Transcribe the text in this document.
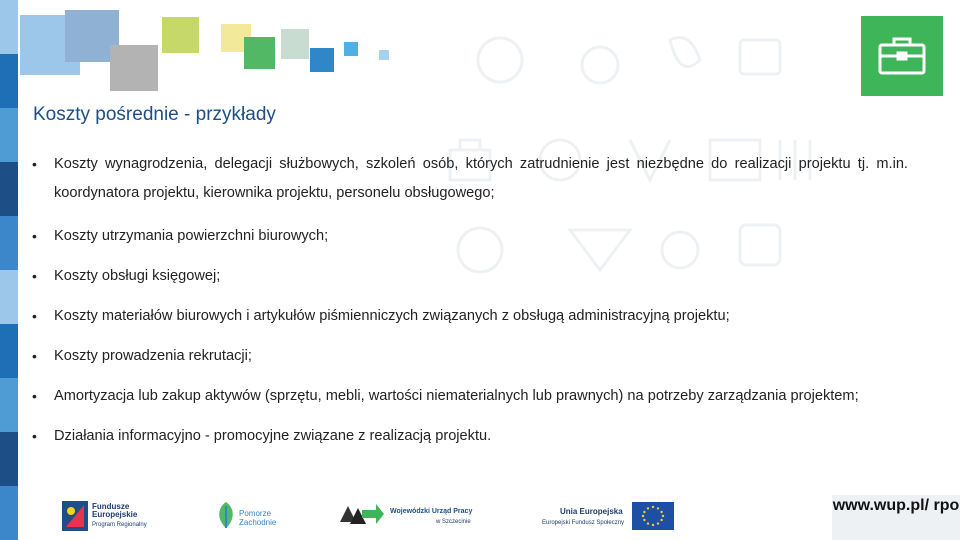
Koszty pośrednie - przykłady
• Koszty wynagrodzenia, delegacji służbowych, szkoleń osób, których zatrudnienie jest niezbędne do realizacji projektu tj. m.in. koordynatora projektu, kierownika projektu, personelu obsługowego;
• Koszty utrzymania powierzchni biurowych;
• Koszty obsługi księgowej;
• Koszty materiałów biurowych i artykułów piśmienniczych związanych z obsługą administracyjną projektu;
• Koszty prowadzenia rekrutacji;
• Amortyzacja lub zakup aktywów (sprzętu, mebli, wartości niematerialnych lub prawnych) na potrzeby zarządzania projektem;
• Działania informacyjno - promocyjne związane z realizacją projektu.
Fundusze
Europejskie
Program Regionalny
Pomorze
Zachodnie
Wojewódzki Urząd Pracy
w Szczecinie
Unia Europejska
Europejski Fundusz Społeczny
www.wup.pl/ rpo
